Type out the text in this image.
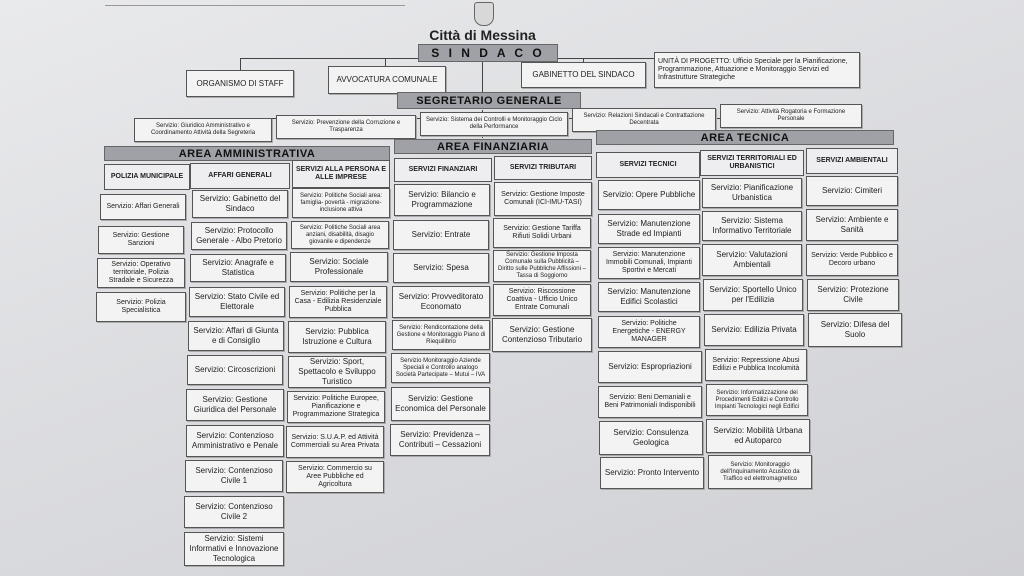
Città di Messina
S I N D A C O
ORGANISMO DI STAFF	AVVOCATURA COMUNALE
GABINETTO DEL SINDACO
UNITÀ DI PROGETTO: Ufficio Speciale per la Pianificazione, Programmazione, Attuazione e Monitoraggio Servizi ed Infrastrutture Strategiche
SEGRETARIO GENERALE
Servizio: Giuridico Amministrativo e Coordinamento Attività della Segreteria
Servizio: Prevenzione della Corruzione e Trasparenza
Servizio: Sistema dei Controlli e Monitoraggio Ciclo della Performance
Servizio: Relazioni Sindacali e Contrattazione Decentrata
Servizio: Attività Rogatoria e Formazione Personale
AREA AMMINISTRATIVA
AREA FINANZIARIA
AREA TECNICA
POLIZIA MUNICIPALE	AFFARI GENERALI
SERVIZI ALLA PERSONA E ALLE IMPRESE
SERVIZI FINANZIARI	SERVIZI TRIBUTARI	SERVIZI TECNICI
SERVIZI TERRITORIALI ED URBANISTICI
SERVIZI AMBIENTALI
Servizio: Affari Generali
Servizio: Gestione Sanzioni
Servizio: Operativo territoriale, Polizia Stradale e Sicurezza
Servizio: Polizia Specialistica
Servizio: Gabinetto del Sindaco
Servizio: Protocollo Generale - Albo Pretorio
Servizio: Anagrafe e Statistica
Servizio: Stato Civile ed Elettorale
Servizio: Affari di Giunta e di Consiglio
Servizio: Circoscrizioni
Servizio: Gestione Giuridica del Personale
Servizio: Contenzioso Amministrativo e Penale
Servizio: Contenzioso Civile 1
Servizio: Contenzioso Civile 2
Servizio: Sistemi Informativi e Innovazione Tecnologica
Servizio: Politiche Sociali area: famiglia- povertà - migrazione- inclusione attiva
Servizio: Politiche Sociali area anziani, disabilità, disagio giovanile e dipendenze
Servizio: Sociale Professionale
Servizio: Politiche per la Casa - Edilizia Residenziale Pubblica
Servizio: Pubblica Istruzione e Cultura
Servizio: Sport, Spettacolo e Sviluppo Turistico
Servizio: Politiche Europee, Pianificazione e Programmazione Strategica
Servizio: S.U.A.P. ed Attività Commerciali su Area Privata
Servizio: Commercio su Aree Pubbliche ed Agricoltura
Servizio: Bilancio e Programmazione
Servizio: Entrate
Servizio: Spesa
Servizio: Provveditorato Economato
Servizio: Rendicontazione della Gestione e Monitoraggio Piano di Riequilibrio
Servizio Monitoraggio Aziende Speciali e Controllo analogo Società Partecipate – Mutui – IVA
Servizio: Gestione Economica del Personale
Servizio: Previdenza – Contributi – Cessazioni
Servizio: Gestione Imposte Comunali (ICI-IMU-TASI)
Servizio: Gestione Tariffa Rifiuti Solidi Urbani
Servizio: Gestione Imposta Comunale sulla Pubblicità – Diritto sulle Pubbliche Affissioni – Tassa di Soggiorno
Servizio: Riscossione Coattiva - Ufficio Unico Entrate Comunali
Servizio: Gestione Contenzioso Tributario
Servizio: Opere Pubbliche
Servizio: Manutenzione Strade ed Impianti
Servizio: Manutenzione Immobili Comunali, Impianti Sportivi e Mercati
Servizio: Manutenzione Edifici Scolastici
Servizio: Politiche Energetiche - ENERGY MANAGER
Servizio: Espropriazioni
Servizio: Beni Demaniali e Beni Patrimoniali Indisponibili
Servizio: Consulenza Geologica
Servizio: Pronto Intervento
Servizio: Pianificazione Urbanistica
Servizio: Sistema Informativo Territoriale
Servizio: Valutazioni Ambientali
Servizio: Sportello Unico per l'Edilizia
Servizio: Edilizia Privata
Servizio: Repressione Abusi Edilizi e Pubblica Incolumità
Servizio: Informatizzazione dei Procedimenti Edilizi e Controllo Impianti Tecnologici negli Edifici
Servizio: Mobilità Urbana ed Autoparco
Servizio: Monitoraggio dell'Inquinamento Acustico da Traffico ed elettromagnetico
Servizio: Cimiteri
Servizio: Ambiente e Sanità
Servizio: Verde Pubblico e Decoro urbano
Servizio: Protezione Civile
Servizio: Difesa del Suolo
